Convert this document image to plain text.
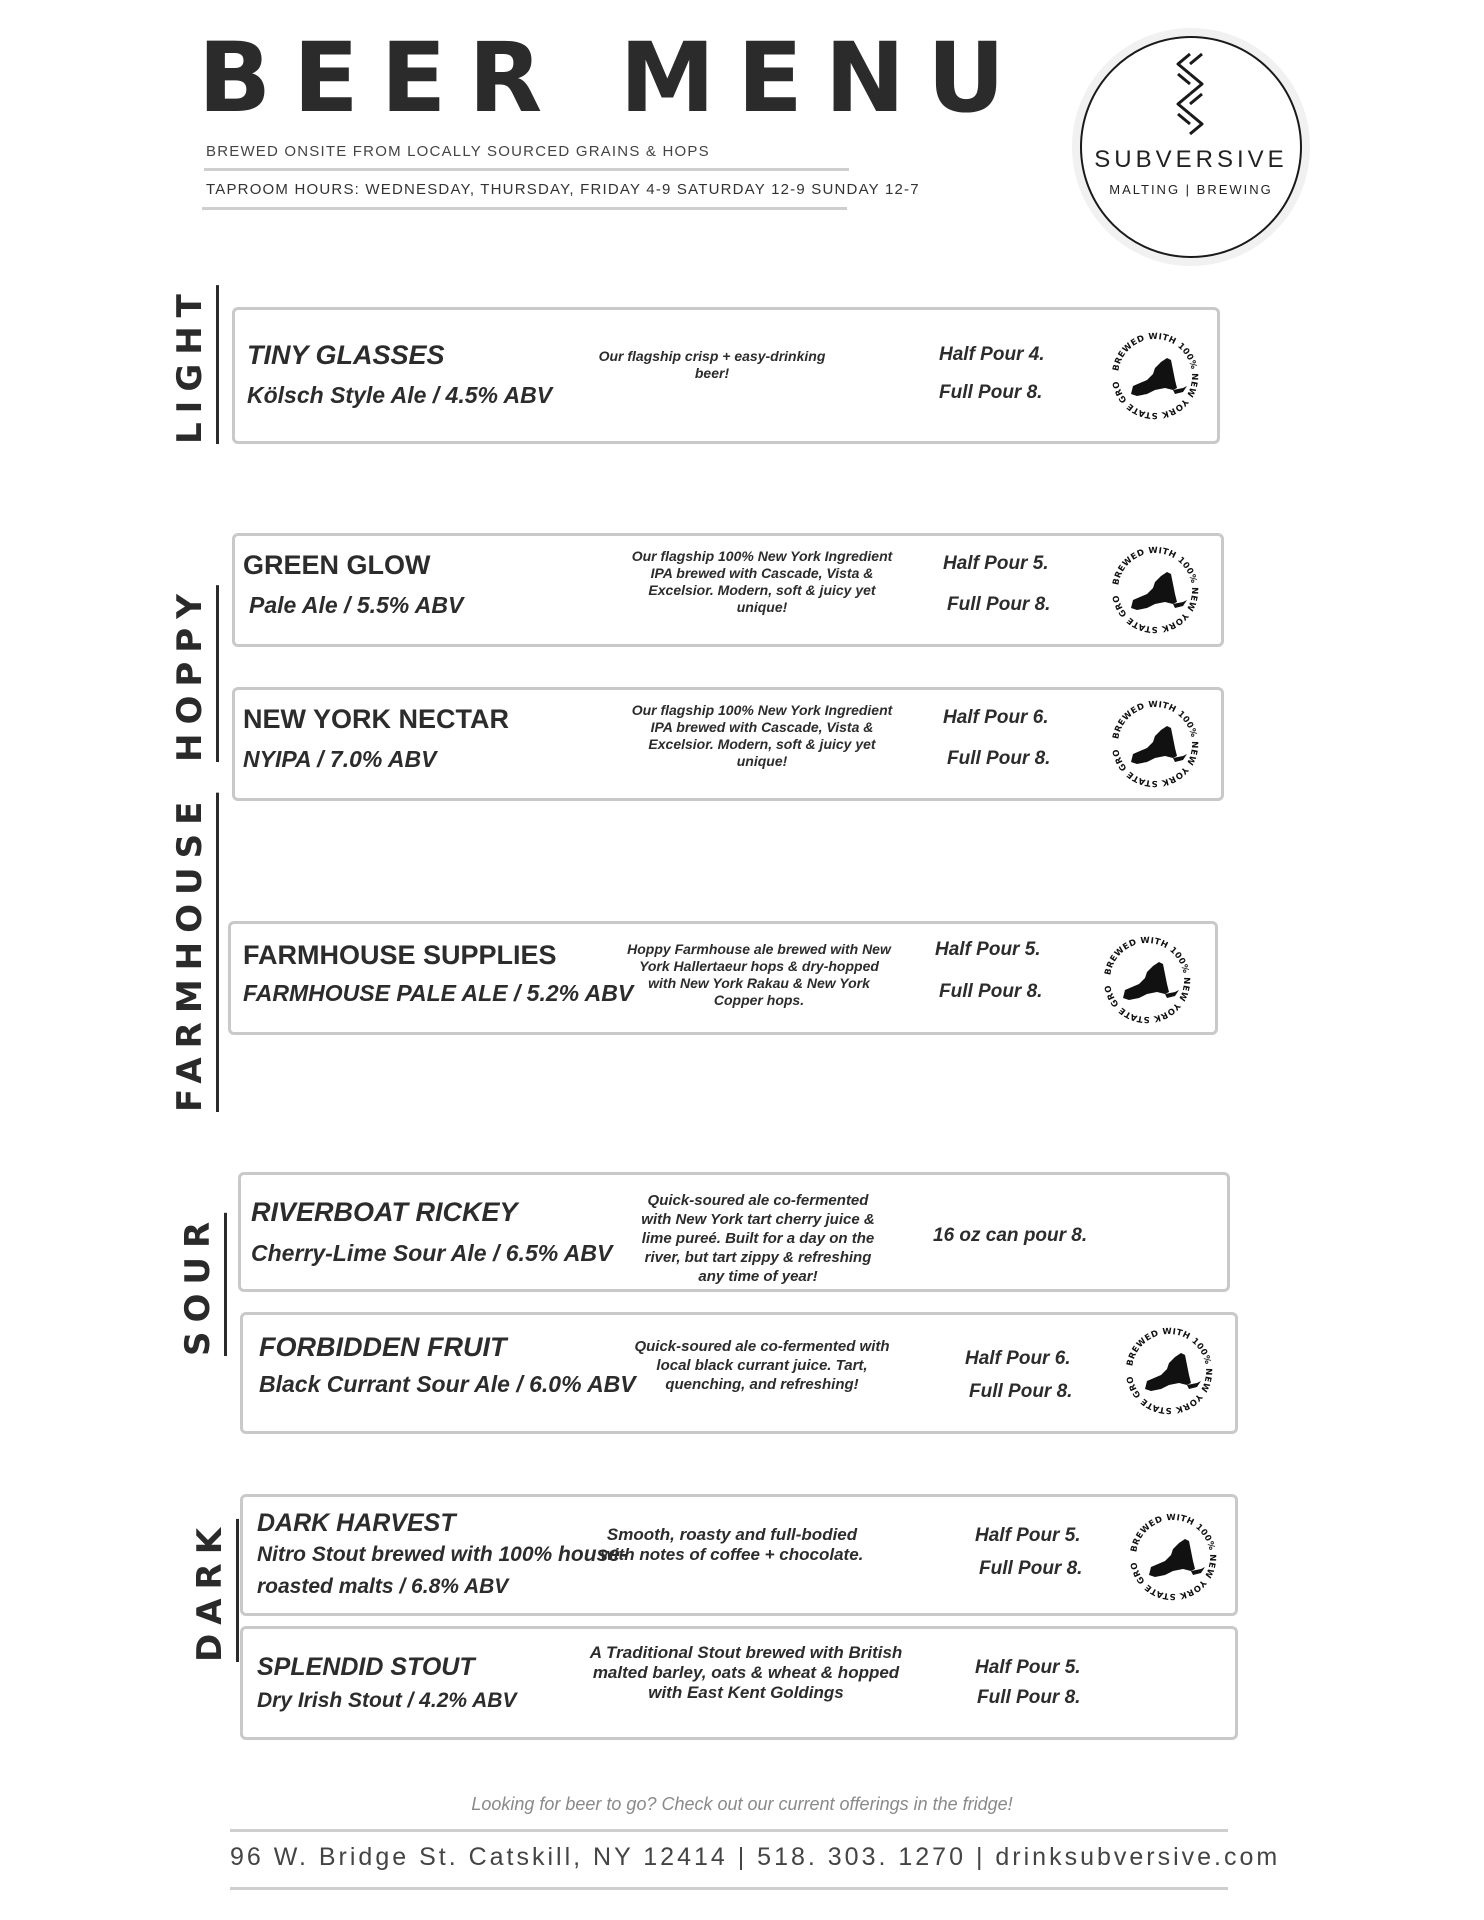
BEER MENU
BREWED ONSITE FROM LOCALLY SOURCED GRAINS & HOPS
TAPROOM HOURS: WEDNESDAY, THURSDAY, FRIDAY 4-9 SATURDAY 12-9 SUNDAY 12-7
SUBVERSIVE
MALTING | BREWING
LIGHT
HOPPY
FARMHOUSE
SOUR
DARK
TINY GLASSES
Kölsch Style Ale / 4.5% ABV
Our flagship crisp + easy-drinking beer!
Half Pour 4.
Full Pour 8.
GREEN GLOW
Pale Ale / 5.5% ABV
Our flagship 100% New York Ingredient IPA brewed with Cascade, Vista & Excelsior. Modern, soft & juicy yet unique!
Half Pour 5.
Full Pour 8.
NEW YORK NECTAR
NYIPA / 7.0% ABV
Our flagship 100% New York Ingredient IPA brewed with Cascade, Vista & Excelsior. Modern, soft & juicy yet unique!
Half Pour 6.
Full Pour 8.
FARMHOUSE SUPPLIES
FARMHOUSE PALE ALE / 5.2% ABV
Hoppy Farmhouse ale brewed with New York Hallertaeur hops & dry-hopped with New York Rakau & New York Copper hops.
Half Pour 5.
Full Pour 8.
RIVERBOAT RICKEY
Cherry-Lime Sour Ale / 6.5% ABV
Quick-soured ale co-fermented with New York tart cherry juice & lime pureé. Built for a day on the river, but tart zippy & refreshing any time of year!
16 oz can pour 8.
FORBIDDEN FRUIT
Black Currant Sour Ale / 6.0% ABV
Quick-soured ale co-fermented with local black currant juice. Tart, quenching, and refreshing!
Half Pour 6.
Full Pour 8.
DARK HARVEST
Nitro Stout brewed with 100% house-
roasted malts / 6.8% ABV
Smooth, roasty and full-bodied with notes of coffee + chocolate.
Half Pour 5.
Full Pour 8.
SPLENDID STOUT
Dry Irish Stout / 4.2% ABV
A Traditional Stout brewed with British malted barley, oats & wheat & hopped with East Kent Goldings
Half Pour 5.
Full Pour 8.
Looking for beer to go? Check out our current offerings in the fridge!
96 W. Bridge St. Catskill, NY 12414 | 518. 303. 1270 | drinksubversive.com
